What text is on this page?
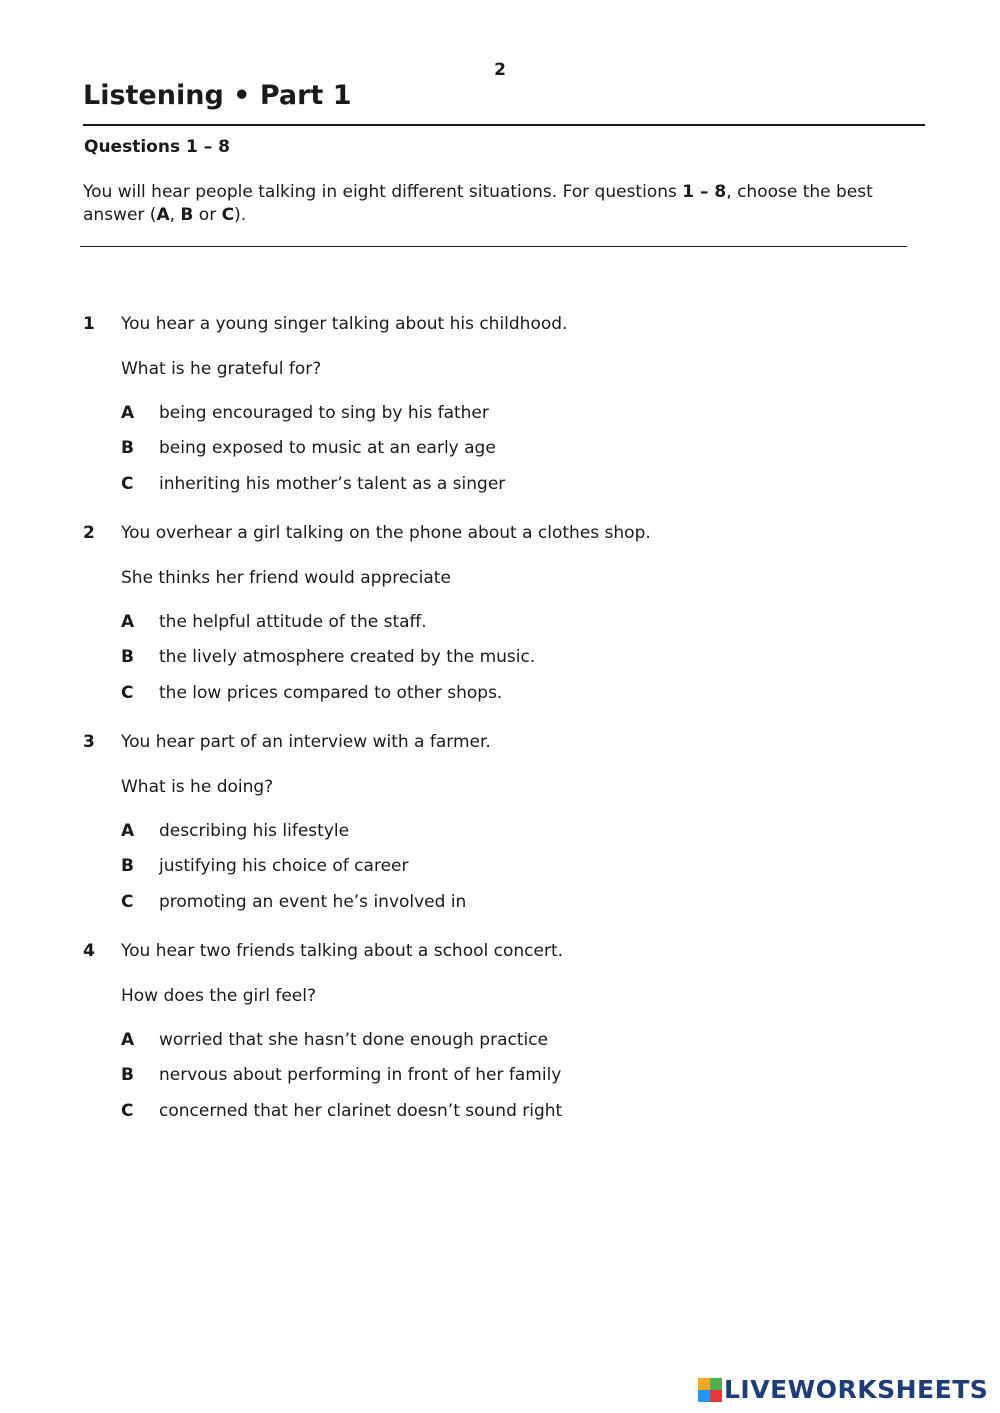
2
Listening • Part 1
Questions 1 – 8
You will hear people talking in eight different situations. For questions 1 – 8, choose the best answer (A, B or C).
1 You hear a young singer talking about his childhood.
What is he grateful for?
A being encouraged to sing by his father
B being exposed to music at an early age
C inheriting his mother’s talent as a singer
2 You overhear a girl talking on the phone about a clothes shop.
She thinks her friend would appreciate
A the helpful attitude of the staff.
B the lively atmosphere created by the music.
C the low prices compared to other shops.
3 You hear part of an interview with a farmer.
What is he doing?
A describing his lifestyle
B justifying his choice of career
C promoting an event he’s involved in
4 You hear two friends talking about a school concert.
How does the girl feel?
A worried that she hasn’t done enough practice
B nervous about performing in front of her family
C concerned that her clarinet doesn’t sound right
LIVEWORKSHEETS
